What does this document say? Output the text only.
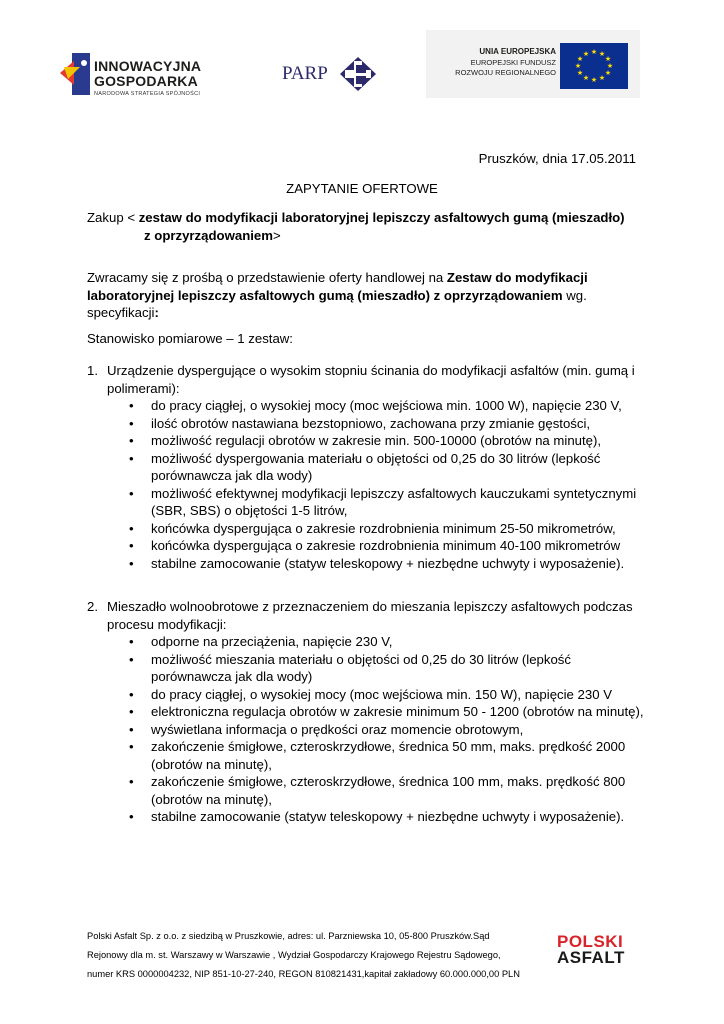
INNOWACYJNA
GOSPODARKA
NARODOWA STRATEGIA SPÓJNOŚCI
PARP
UNIA EUROPEJSKA
EUROPEJSKI FUNDUSZ
ROZWOJU REGIONALNEGO
★ ★
★
★
★
★
★
★
★
★
★
★
Pruszków, dnia 17.05.2011
ZAPYTANIE OFERTOWE
Zakup < zestaw do modyfikacji laboratoryjnej lepiszczy asfaltowych gumą (mieszadło)
z oprzyrządowaniem>
Zwracamy się z prośbą o przedstawienie oferty handlowej na Zestaw do modyfikacji laboratoryjnej lepiszczy asfaltowych gumą (mieszadło) z oprzyrządowaniem wg. specyfikacji:
Stanowisko pomiarowe – 1 zestaw:
1. Urządzenie dyspergujące o wysokim stopniu ścinania do modyfikacji asfaltów (min. gumą i polimerami):
• do pracy ciągłej, o wysokiej mocy (moc wejściowa min. 1000 W), napięcie 230 V,
• ilość obrotów nastawiana bezstopniowo, zachowana przy zmianie gęstości,
• możliwość regulacji obrotów w zakresie min. 500-10000 (obrotów na minutę),
• możliwość dyspergowania materiału o objętości od 0,25 do 30 litrów (lepkość porównawcza jak dla wody)
• możliwość efektywnej modyfikacji lepiszczy asfaltowych kauczukami syntetycznymi (SBR, SBS) o objętości 1-5 litrów,
• końcówka dyspergująca o zakresie rozdrobnienia minimum 25-50 mikrometrów,
• końcówka dyspergująca o zakresie rozdrobnienia minimum 40-100 mikrometrów
• stabilne zamocowanie (statyw teleskopowy + niezbędne uchwyty i wyposażenie).
2. Mieszadło wolnoobrotowe z przeznaczeniem do mieszania lepiszczy asfaltowych podczas procesu modyfikacji:
• odporne na przeciążenia, napięcie 230 V,
• możliwość mieszania materiału o objętości od 0,25 do 30 litrów (lepkość porównawcza jak dla wody)
• do pracy ciągłej, o wysokiej mocy (moc wejściowa min. 150 W), napięcie 230 V
• elektroniczna regulacja obrotów w zakresie minimum 50 - 1200 (obrotów na minutę),
• wyświetlana informacja o prędkości oraz momencie obrotowym,
• zakończenie śmigłowe, czteroskrzydłowe, średnica 50 mm, maks. prędkość 2000 (obrotów na minutę),
• zakończenie śmigłowe, czteroskrzydłowe, średnica 100 mm, maks. prędkość 800 (obrotów na minutę),
• stabilne zamocowanie (statyw teleskopowy + niezbędne uchwyty i wyposażenie).
Polski Asfalt Sp. z o.o. z siedzibą w Pruszkowie, adres: ul. Parzniewska 10, 05-800 Pruszków.Sąd
Rejonowy dla m. st. Warszawy w Warszawie , Wydział Gospodarczy Krajowego Rejestru Sądowego,
numer KRS 0000004232, NIP 851-10-27-240, REGON 810821431,kapitał zakładowy 60.000.000,00 PLN
POLSKI
ASFALT
